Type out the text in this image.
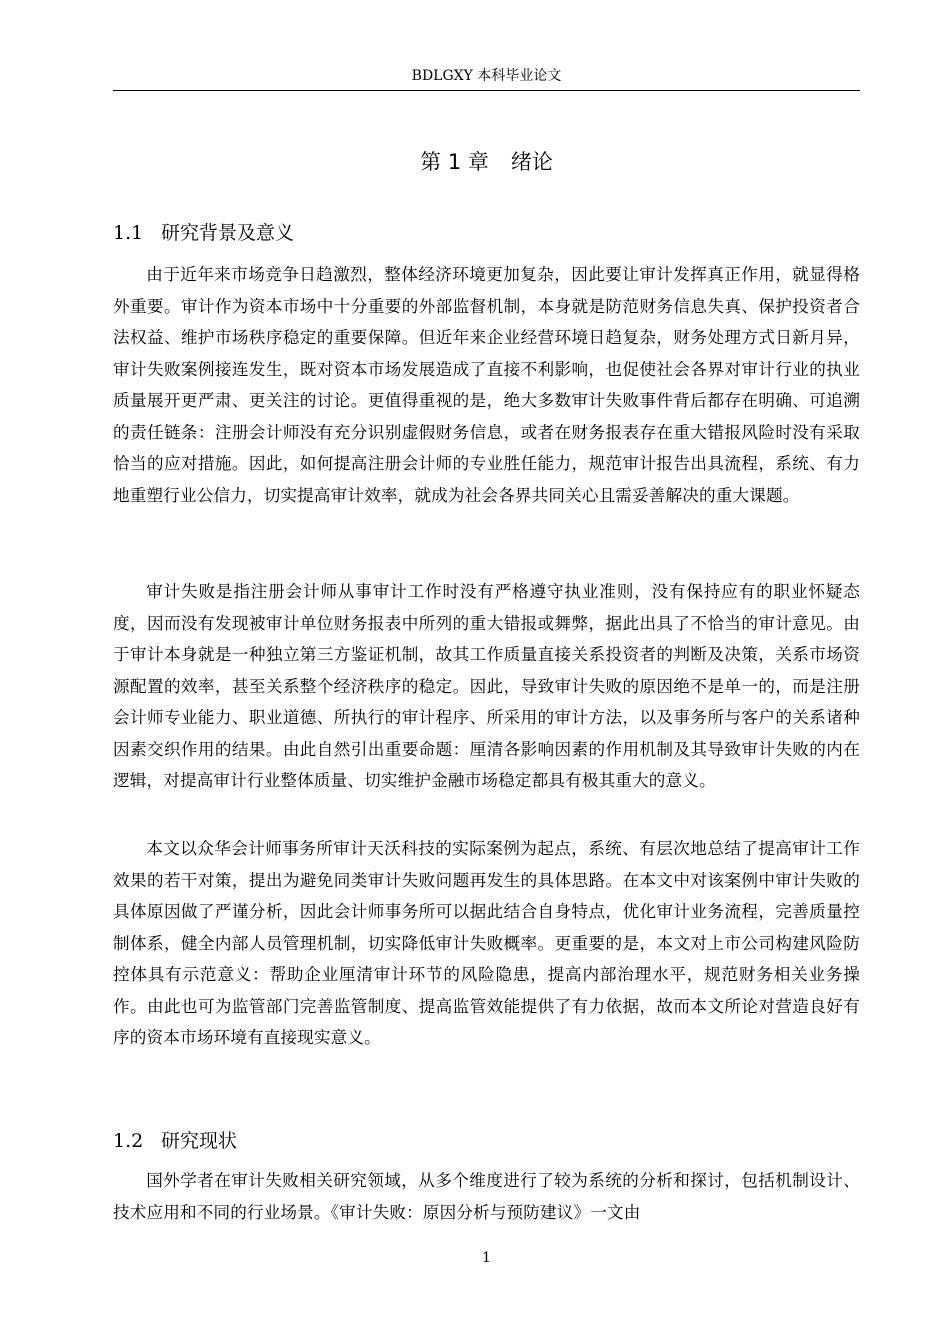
BDLGXY 本科毕业论文
第 1 章 绪论
1.1 研究背景及意义

由于近年来市场竞争日趋激烈，整体经济环境更加复杂，因此要让审计发挥真正作用，就显得格外重要。审计作为资本市场中十分重要的外部监督机制，本身就是防范财务信息失真、保护投资者合法权益、维护市场秩序稳定的重要保障。但近年来企业经营环境日趋复杂，财务处理方式日新月异，审计失败案例接连发生，既对资本市场发展造成了直接不利影响，也促使社会各界对审计行业的执业质量展开更严肃、更关注的讨论。更值得重视的是，绝大多数审计失败事件背后都存在明确、可追溯的责任链条：注册会计师没有充分识别虚假财务信息，或者在财务报表存在重大错报风险时没有采取恰当的应对措施。因此，如何提高注册会计师的专业胜任能力，规范审计报告出具流程，系统、有力地重塑行业公信力，切实提高审计效率，就成为社会各界共同关心且需妥善解决的重大课题。

审计失败是指注册会计师从事审计工作时没有严格遵守执业准则，没有保持应有的职业怀疑态度，因而没有发现被审计单位财务报表中所列的重大错报或舞弊，据此出具了不恰当的审计意见。由于审计本身就是一种独立第三方鉴证机制，故其工作质量直接关系投资者的判断及决策，关系市场资源配置的效率，甚至关系整个经济秩序的稳定。因此，导致审计失败的原因绝不是单一的，而是注册会计师专业能力、职业道德、所执行的审计程序、所采用的审计方法，以及事务所与客户的关系诸种因素交织作用的结果。由此自然引出重要命题：厘清各影响因素的作用机制及其导致审计失败的内在逻辑，对提高审计行业整体质量、切实维护金融市场稳定都具有极其重大的意义。

本文以众华会计师事务所审计天沃科技的实际案例为起点，系统、有层次地总结了提高审计工作效果的若干对策，提出为避免同类审计失败问题再发生的具体思路。在本文中对该案例中审计失败的具体原因做了严谨分析，因此会计师事务所可以据此结合自身特点，优化审计业务流程，完善质量控制体系，健全内部人员管理机制，切实降低审计失败概率。更重要的是，本文对上市公司构建风险防控体具有示范意义：帮助企业厘清审计环节的风险隐患，提高内部治理水平，规范财务相关业务操作。由此也可为监管部门完善监管制度、提高监管效能提供了有力依据，故而本文所论对营造良好有序的资本市场环境有直接现实意义。

1.2 研究现状

国外学者在审计失败相关研究领域，从多个维度进行了较为系统的分析和探讨，包括机制设计、技术应用和不同的行业场景。《审计失败：原因分析与预防建议》一文由

1
